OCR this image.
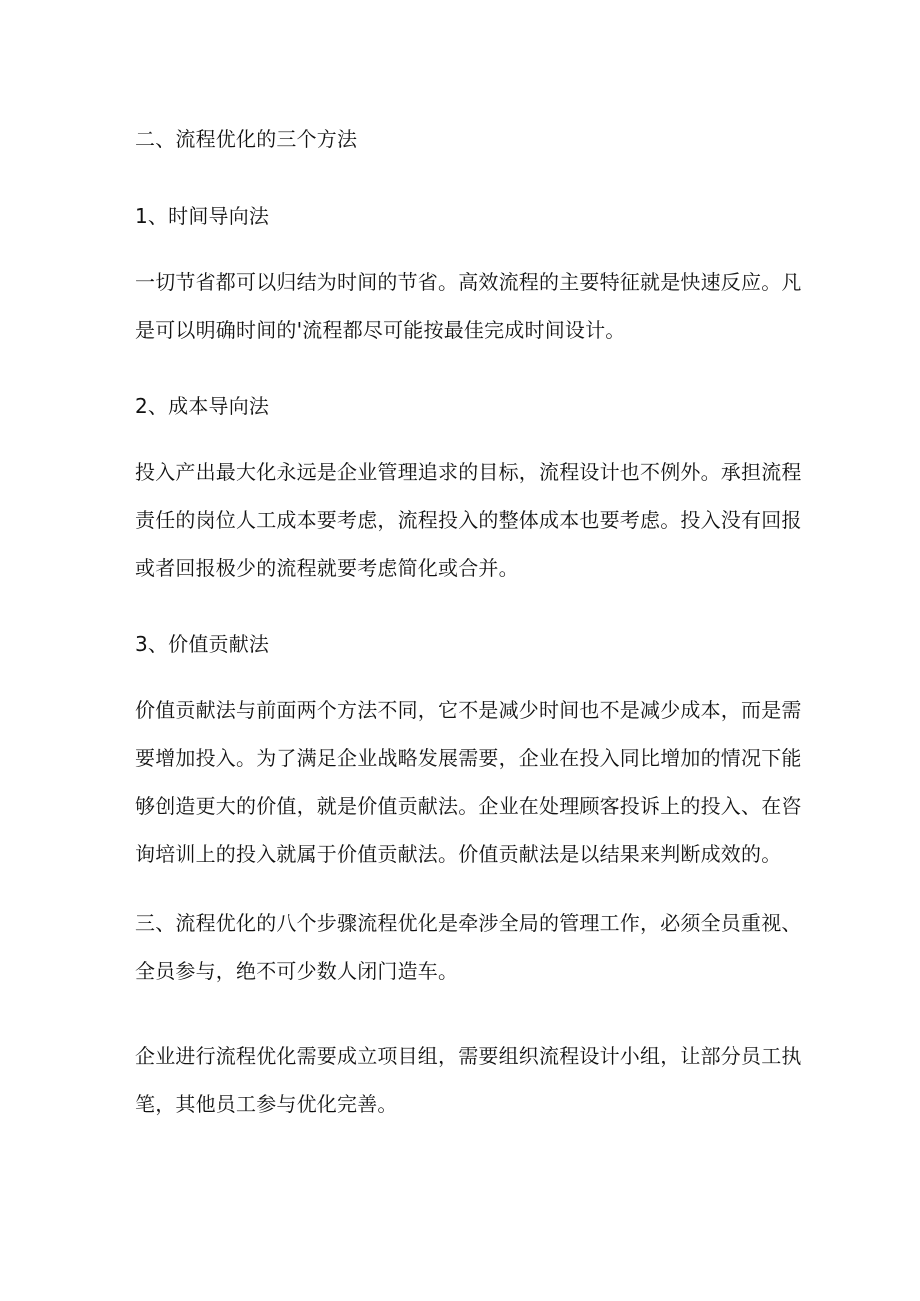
二、流程优化的三个方法
1、时间导向法
一切节省都可以归结为时间的节省。高效流程的主要特征就是快速反应。凡
是可以明确时间的'流程都尽可能按最佳完成时间设计。
2、成本导向法
投入产出最大化永远是企业管理追求的目标，流程设计也不例外。承担流程
责任的岗位人工成本要考虑，流程投入的整体成本也要考虑。投入没有回报
或者回报极少的流程就要考虑简化或合并。
3、价值贡献法
价值贡献法与前面两个方法不同，它不是减少时间也不是减少成本，而是需
要增加投入。为了满足企业战略发展需要，企业在投入同比增加的情况下能
够创造更大的价值，就是价值贡献法。企业在处理顾客投诉上的投入、在咨
询培训上的投入就属于价值贡献法。价值贡献法是以结果来判断成效的。
三、流程优化的八个步骤流程优化是牵涉全局的管理工作，必须全员重视、
全员参与，绝不可少数人闭门造车。
企业进行流程优化需要成立项目组，需要组织流程设计小组，让部分员工执
笔，其他员工参与优化完善。
